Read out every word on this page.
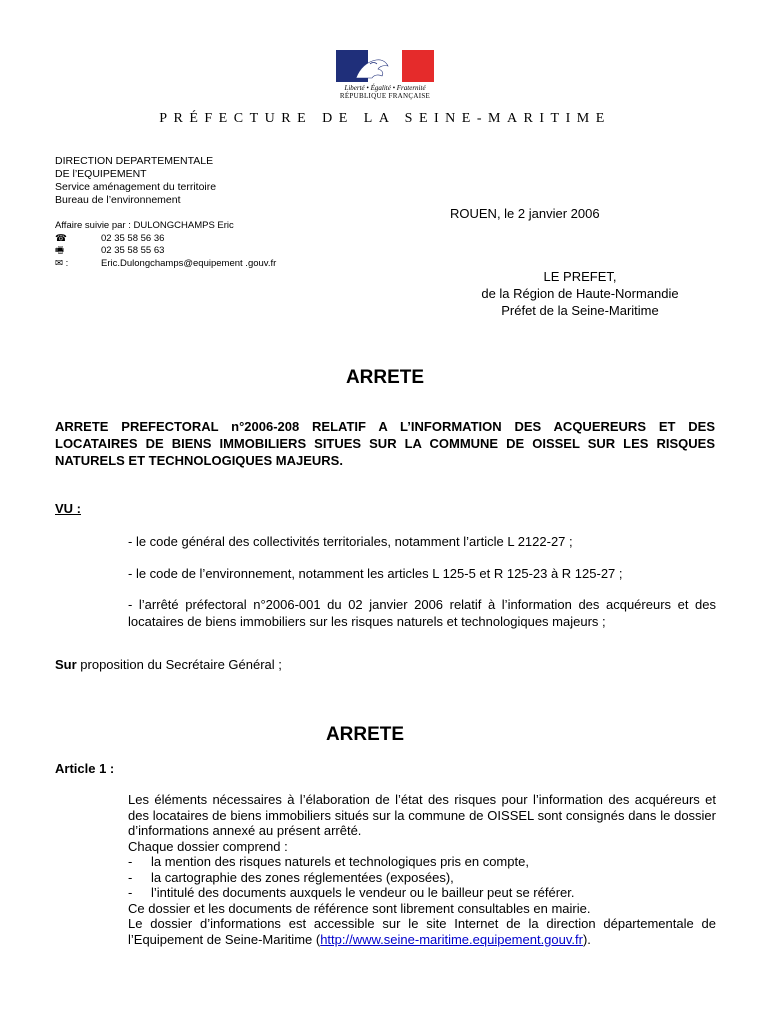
Liberté • Égalité • Fraternité
RÉPUBLIQUE FRANÇAISE
PRÉFECTURE DE LA SEINE-MARITIME
DIRECTION DEPARTEMENTALE
DE l’EQUIPEMENT
Service aménagement du territoire
Bureau de l’environnement
Affaire suivie par : DULONGCHAMPS Eric
☎	02 35 58 56 36
🖷	02 35 58 55 63
✉ :	Eric.Dulongchamps@equipement .gouv.fr
ROUEN, le 2 janvier 2006
LE PREFET,
de la Région de Haute-Normandie
Préfet de la Seine-Maritime
ARRETE
ARRETE PREFECTORAL n°2006-208 RELATIF A L’INFORMATION DES ACQUEREURS ET DES LOCATAIRES DE BIENS IMMOBILIERS SITUES SUR LA COMMUNE DE OISSEL SUR LES RISQUES NATURELS ET TECHNOLOGIQUES MAJEURS.
VU :
- le code général des collectivités territoriales, notamment l’article L 2122-27 ;
- le code de l’environnement, notamment les articles L 125-5 et R 125-23 à R 125-27 ;
- l’arrêté préfectoral n°2006-001 du 02 janvier 2006 relatif à l’information des acquéreurs et des locataires de biens immobiliers sur les risques naturels et technologiques majeurs ;
Sur proposition du Secrétaire Général ;
ARRETE
Article 1 :
Les éléments nécessaires à l’élaboration de l’état des risques pour l’information des acquéreurs et des locataires de biens immobiliers situés sur la commune de OISSEL sont consignés dans le dossier d’informations annexé au présent arrêté.
Chaque dossier comprend :
-	la mention des risques naturels et technologiques pris en compte,
-	la cartographie des zones réglementées (exposées),
-	l’intitulé des documents auxquels le vendeur ou le bailleur peut se référer.
Ce dossier et les documents de référence sont librement consultables en mairie.
Le dossier d’informations est accessible sur le site Internet de la direction départementale de l’Equipement de Seine-Maritime (http://www.seine-maritime.equipement.gouv.fr).
